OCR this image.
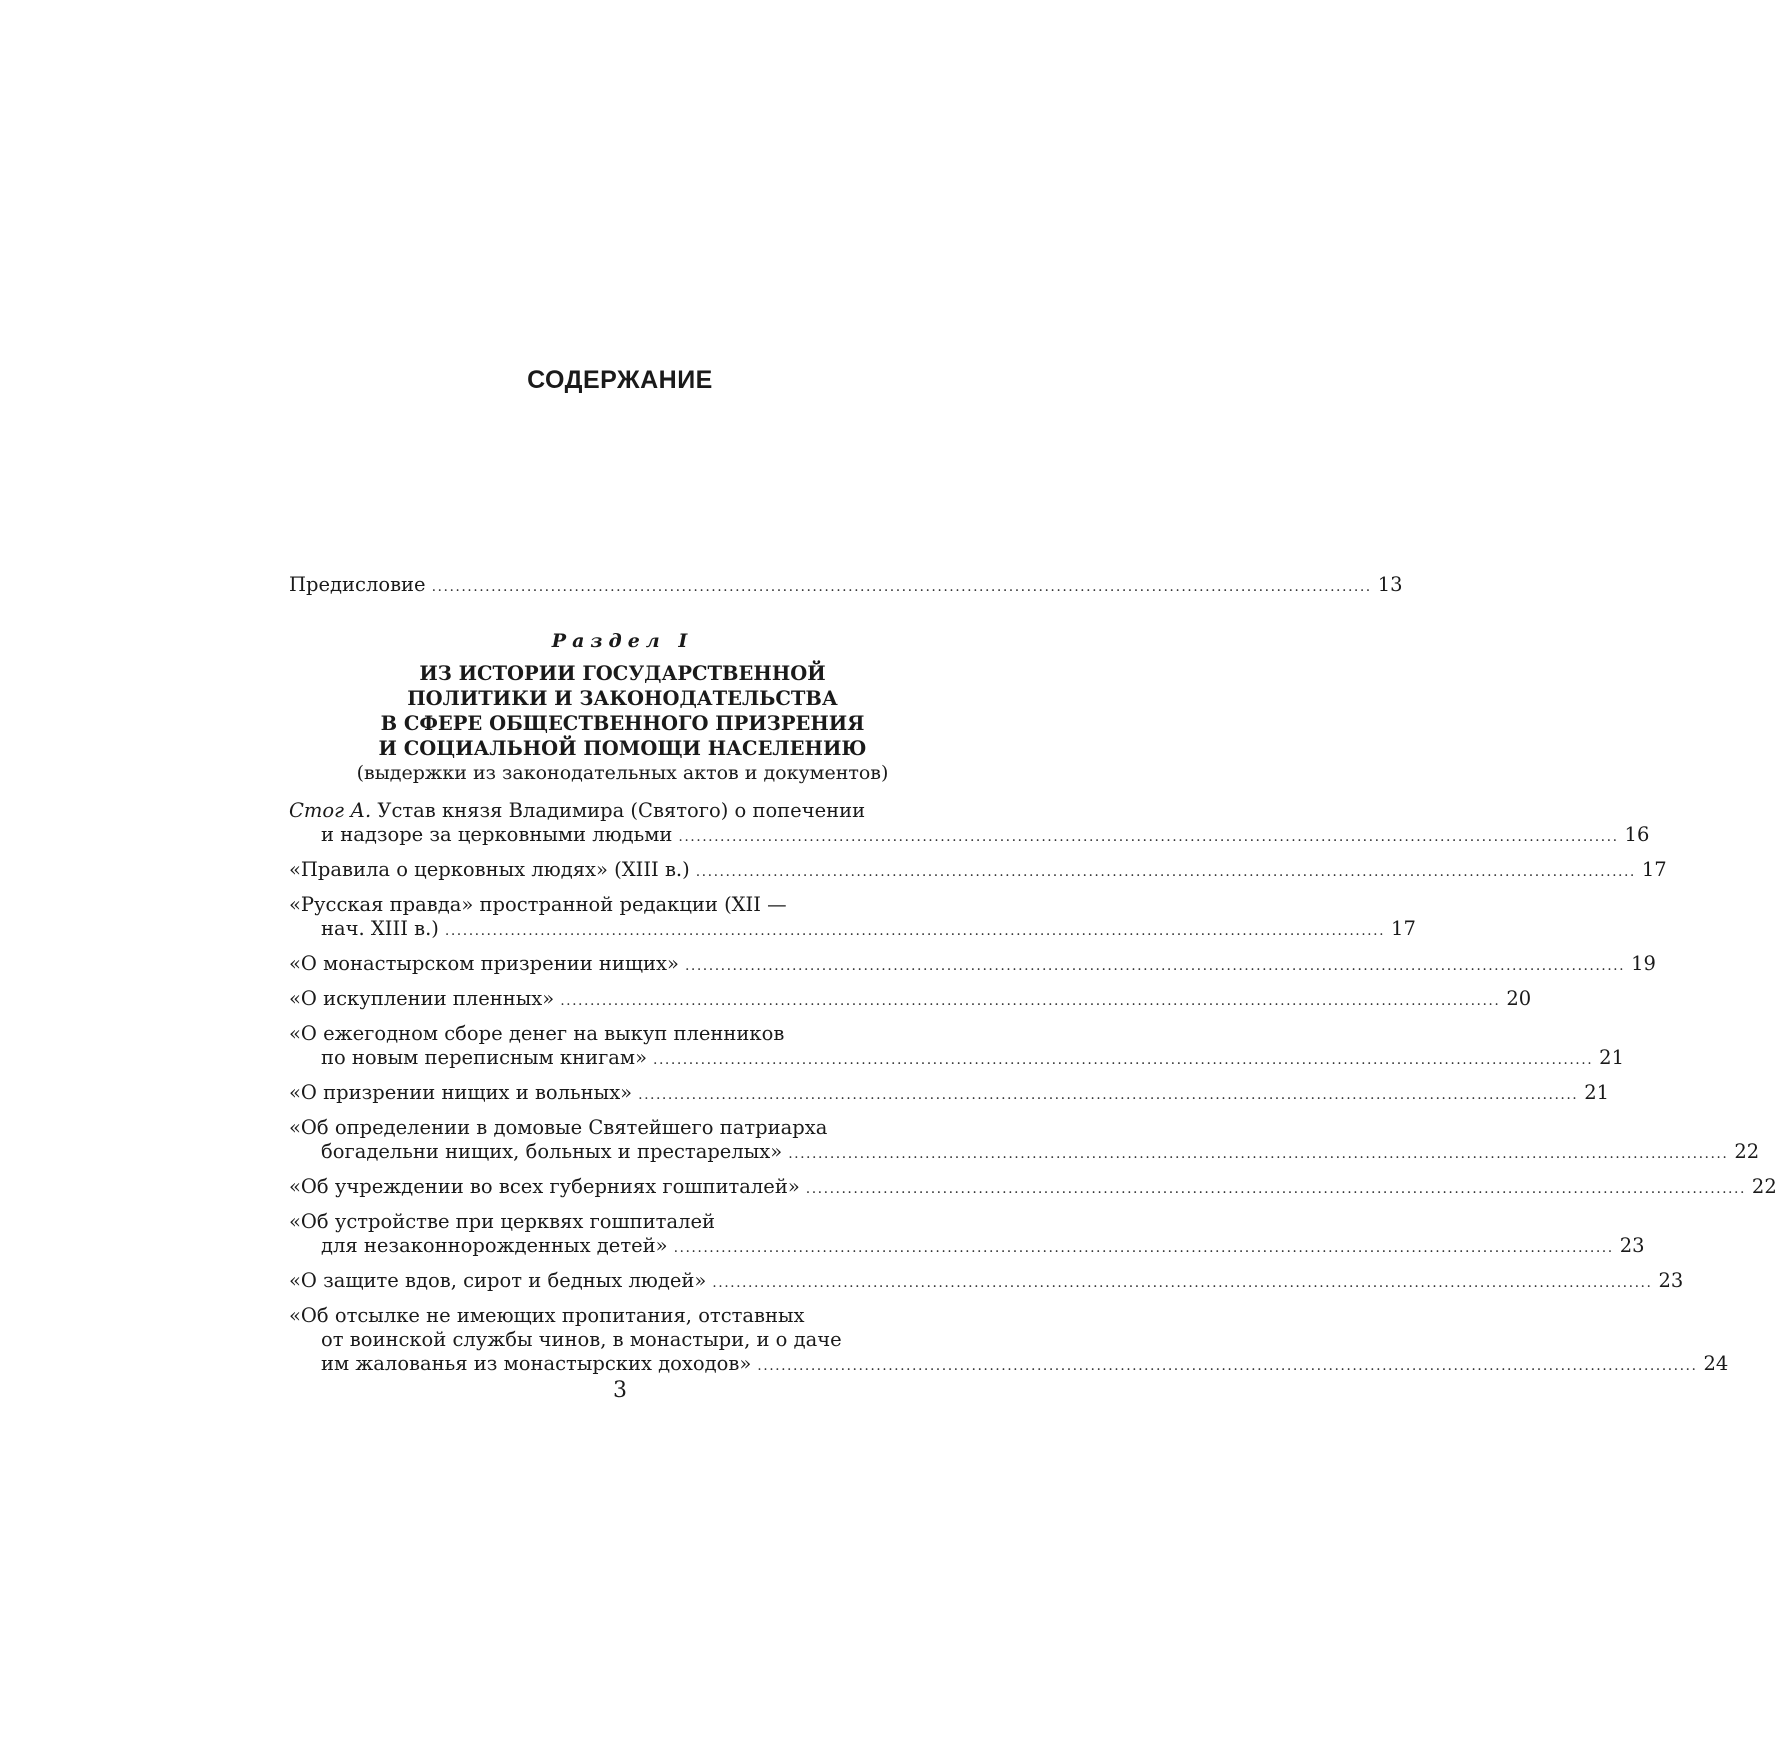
СОДЕРЖАНИЕ
Предисловие .............................................................................................................................................................. 13
Раздел I
ИЗ ИСТОРИИ ГОСУДАРСТВЕННОЙ
ПОЛИТИКИ И ЗАКОНОДАТЕЛЬСТВА
В СФЕРЕ ОБЩЕСТВЕННОГО ПРИЗРЕНИЯ
И СОЦИАЛЬНОЙ ПОМОЩИ НАСЕЛЕНИЮ
(выдержки из законодательных актов и документов)
Стог А. Устав князя Владимира (Святого) о попечении
и надзоре за церковными людьми .............................................................................................................................................................. 16
«Правила о церковных людях» (XIII в.) .............................................................................................................................................................. 17
«Русская правда» пространной редакции (XII —
нач. XIII в.) .............................................................................................................................................................. 17
«О монастырском призрении нищих» .............................................................................................................................................................. 19
«О искуплении пленных» .............................................................................................................................................................. 20
«О ежегодном сборе денег на выкуп пленников
по новым переписным книгам» .............................................................................................................................................................. 21
«О призрении нищих и вольных» .............................................................................................................................................................. 21
«Об определении в домовые Святейшего патриарха
богадельни нищих, больных и престарелых» .............................................................................................................................................................. 22
«Об учреждении во всех губерниях гошпиталей» .............................................................................................................................................................. 22
«Об устройстве при церквях гошпиталей
для незаконнорожденных детей» .............................................................................................................................................................. 23
«О защите вдов, сирот и бедных людей» .............................................................................................................................................................. 23
«Об отсылке не имеющих пропитания, отставных
от воинской службы чинов, в монастыри, и о даче
им жалованья из монастырских доходов» .............................................................................................................................................................. 24
3
